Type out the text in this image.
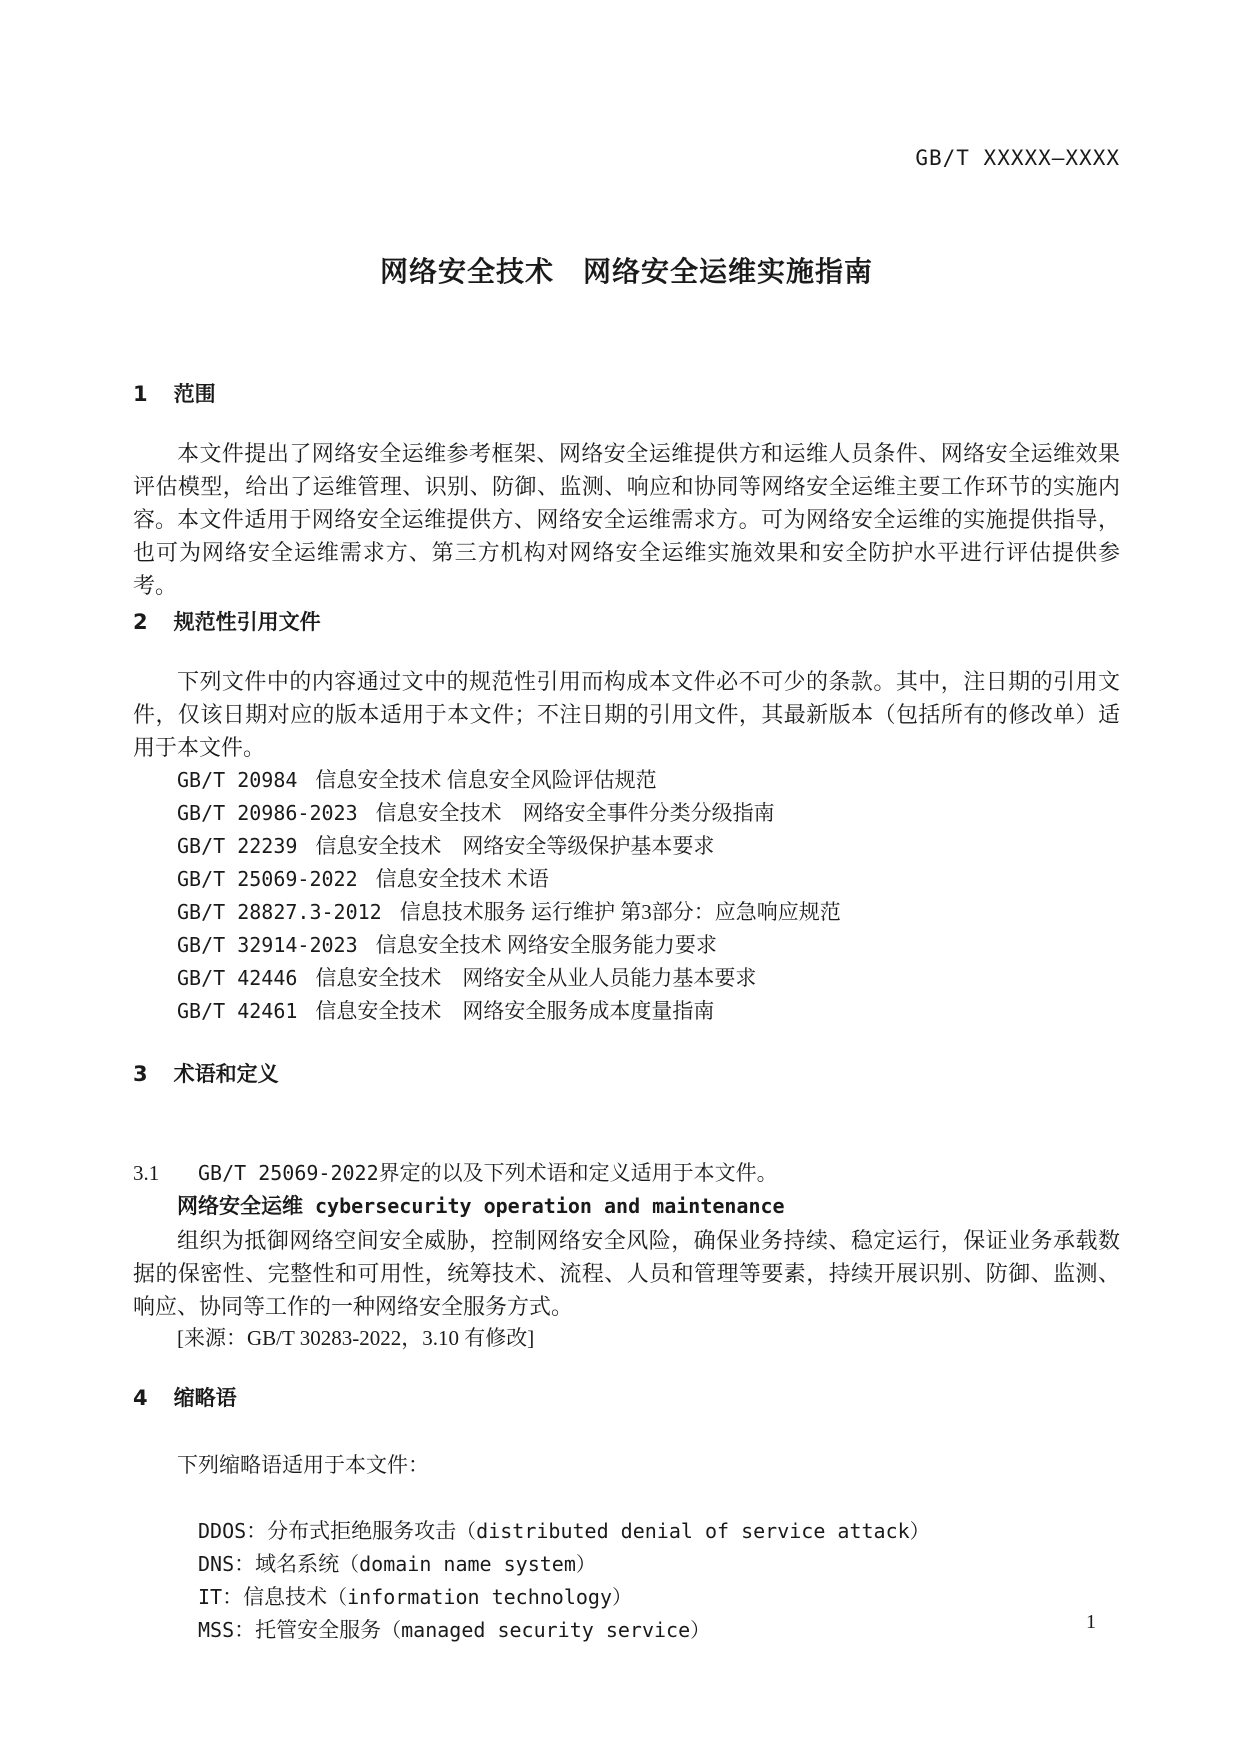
GB/T XXXXX—XXXX
网络安全技术　网络安全运维实施指南
1 范围

本文件提出了网络安全运维参考框架、网络安全运维提供方和运维人员条件、网络安全运维效果评估模型，给出了运维管理、识别、防御、监测、响应和协同等网络安全运维主要工作环节的实施内容。 本文件适用于网络安全运维提供方、网络安全运维需求方。可为网络安全运维的实施提供指导，也可为网络安全运维需求方、第三方机构对网络安全运维实施效果和安全防护水平进行评估提供参考。

2 规范性引用文件

下列文件中的内容通过文中的规范性引用而构成本文件必不可少的条款。其中，注日期的引用文件，仅该日期对应的版本适用于本文件；不注日期的引用文件，其最新版本（包括所有的修改单）适用于本文件。

GB/T 20984 信息安全技术 信息安全风险评估规范
GB/T 20986-2023 信息安全技术　网络安全事件分类分级指南
GB/T 22239 信息安全技术　网络安全等级保护基本要求
GB/T 25069-2022 信息安全技术 术语
GB/T 28827.3-2012 信息技术服务 运行维护 第3部分：应急响应规范
GB/T 32914-2023 信息安全技术 网络安全服务能力要求
GB/T 42446 信息安全技术　网络安全从业人员能力基本要求
GB/T 42461 信息安全技术　网络安全服务成本度量指南
3 术语和定义

GB/T 25069-2022界定的以及下列术语和定义适用于本文件。

3.1
网络安全运维 cybersecurity operation and maintenance

组织为抵御网络空间安全威胁，控制网络安全风险，确保业务持续、稳定运行，保证业务承载数据的保密性、完整性和可用性，统筹技术、流程、人员和管理等要素，持续开展识别、防御、监测、响应、协同等工作的一种网络安全服务方式。

[来源：GB/T 30283-2022，3.10 有修改]
4 缩略语
下列缩略语适用于本文件：

DDOS：分布式拒绝服务攻击（distributed denial of service attack）

DNS：域名系统（domain name system）

IT：信息技术（information technology）

MSS：托管安全服务（managed security service）
	1
